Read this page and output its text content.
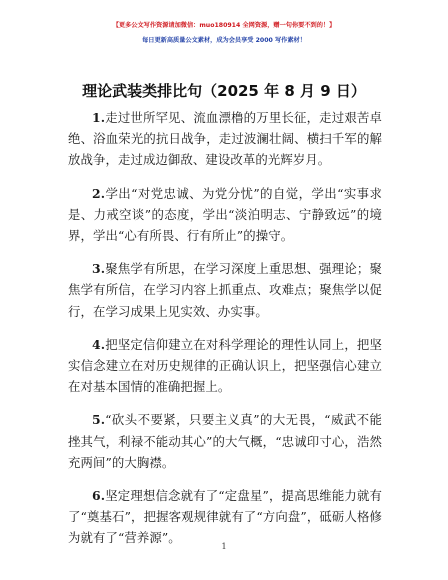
【更多公文写作资源请加微信：muo180914 全网资源，赠一句你要不到的！】
每日更新高质量公文素材，成为会员享受 2000 写作素材！
理论武装类排比句（2025 年 8 月 9 日）

1.走过世所罕见、流血漂橹的万里长征，走过艰苦卓绝、浴血荣光的抗日战争，走过波澜壮阔、横扫千军的解放战争，走过成边御敌、建设改革的光辉岁月。

2.学出“对党忠诚、为党分忧”的自觉，学出“实事求是、力戒空谈”的态度，学出“淡泊明志、宁静致远”的境界，学出“心有所畏、行有所止”的操守。

3.聚焦学有所思，在学习深度上重思想、强理论；聚焦学有所信，在学习内容上抓重点、攻难点；聚焦学以促行，在学习成果上见实效、办实事。

4.把坚定信仰建立在对科学理论的理性认同上，把坚实信念建立在对历史规律的正确认识上，把坚强信心建立在对基本国情的准确把握上。

5.“砍头不要紧，只要主义真”的大无畏，“威武不能挫其气，利禄不能动其心”的大气概，“忠诚印寸心，浩然充两间”的大胸襟。

6.坚定理想信念就有了“定盘星”，提高思维能力就有了“奠基石”，把握客观规律就有了“方向盘”，砥砺人格修为就有了“营养源”。

1
